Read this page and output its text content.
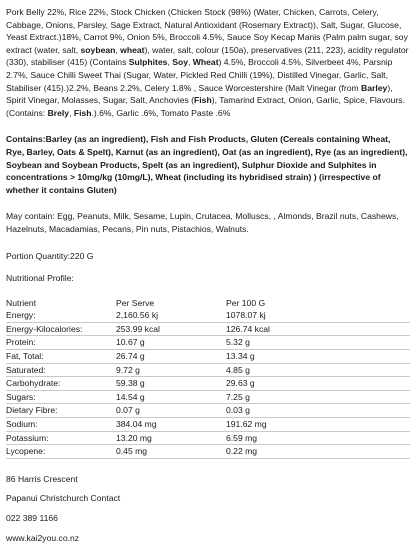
Pork Belly 22%, Rice 22%, Stock Chicken (Chicken Stock (98%) (Water, Chicken, Carrots, Celery, Cabbage, Onions, Parsley, Sage Extract, Natural Antioxidant (Rosemary Extract)), Salt, Sugar, Glucose, Yeast Extract.)18%, Carrot 9%, Onion 5%, Broccoli 4.5%, Sauce Soy Kecap Manis (Palm palm sugar, soy extract (water, salt, soybean, wheat), water, salt, colour (150a), preservatives (211, 223), acidity regulator (330), stabiliser (415) (Contains Sulphites, Soy, Wheat) 4.5%, Broccoli 4.5%, Silverbeet 4%, Parsnip 2.7%, Sauce Chilli Sweet Thai (Sugar, Water, Pickled Red Chilli (19%), Distilled Vinegar, Garlic, Salt, Stabiliser (415).)2.2%, Beans 2.2%, Celery 1.8% , Sauce Worcestershire (Malt Vinegar (from Barley), Spirit Vinegar, Molasses, Sugar, Salt, Anchovies (Fish), Tamarind Extract, Onion, Garlic, Spice, Flavours. (Contains: Brely, Fish.).6%, Garlic .6%, Tomato Paste .6%

Contains:Barley (as an ingredient), Fish and Fish Products, Gluten (Cereals containing Wheat, Rye, Barley, Oats & Spelt), Karnut (as an ingredient), Oat (as an ingredient), Rye (as an ingredient), Soybean and Soybean Products, Spelt (as an ingredient), Sulphur Dioxide and Sulphites in concentrations > 10mg/kg (10mg/L), Wheat (including its hybridised strain) ) (irrespective of whether it contains Gluten)

May contain: Egg, Peanuts, Milk, Sesame, Lupin, Crutacea, Molluscs, , Almonds, Brazil nuts, Cashews, Hazelnuts, Macadamias, Pecans, Pin nuts, Pistachios, Walnuts.

Portion Quantity:220 G

Nutritional Profile:

Nutrient	Per Serve	Per 100 G
Energy:	2,160.56 kj	1078.07 kj
Energy-Kilocalories:	253.99 kcal	126.74 kcal
Protein:	10.67 g	5.32 g
Fat, Total:	26.74 g	13.34 g
Saturated:	9.72 g	4.85 g
Carbohydrate:	59.38 g	29.63 g
Sugars:	14.54 g	7.25 g
Dietary Fibre:	0.07 g	0.03 g
Sodium:	384.04 mg	191.62 mg
Potassium:	13.20 mg	6.59 mg
Lycopene:	0.45 mg	0.22 mg

86 Harris Crescent

Papanui Christchurch Contact

022 389 1166

www.kai2you.co.nz
